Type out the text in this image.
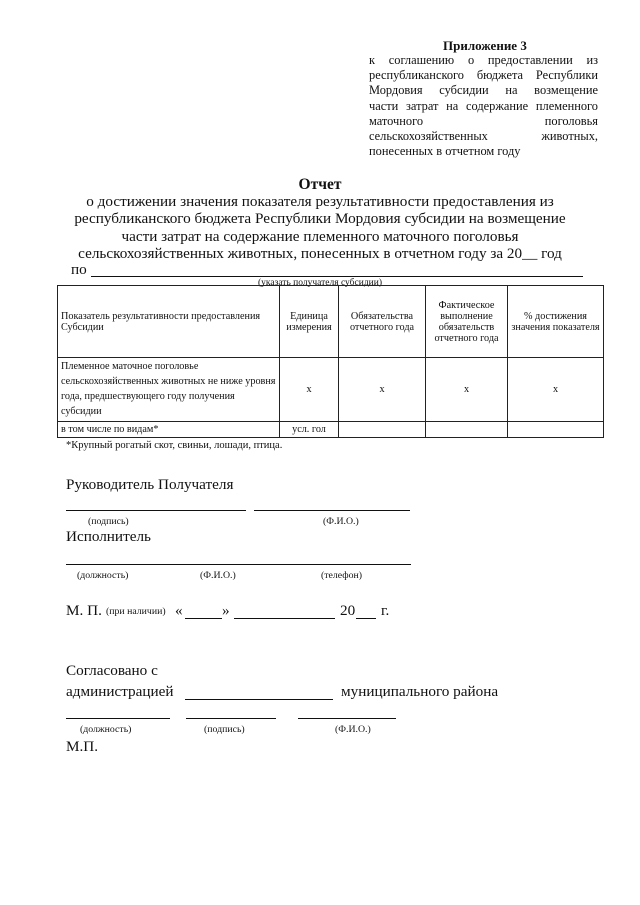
Приложение 3
к соглашению о предоставлении из
республиканского бюджета Республики
Мордовия субсидии на возмещение
части затрат на содержание племенного
маточного поголовья
сельскохозяйственных животных,
понесенных в отчетном году
Отчет
о достижении значения показателя результативности предоставления из
республиканского бюджета Республики Мордовия субсидии на возмещение
части затрат на содержание племенного маточного поголовья
сельскохозяйственных животных, понесенных в отчетном году за 20__ год
по
(указать получателя субсидии)
Показатель результативности предоставления Субсидии	Единица измерения	Обязательства отчетного года	Фактическое выполнение обязательств отчетного года	% достижения значения показателя
Племенное маточное поголовье сельскохозяйственных животных не ниже уровня года, предшествующего году получения субсидии	х	х	х	х
в том числе по видам*	усл. гол			
*Крупный рогатый скот, свиньи, лошади, птица.
Руководитель Получателя
(подпись)	(Ф.И.О.)
Исполнитель
(должность)	(Ф.И.О.)	(телефон)
М. П. (при наличии) «	»	20 г.
Согласовано с
администрацией	муниципального района
(должность)	(подпись)	(Ф.И.О.)
М.П.
